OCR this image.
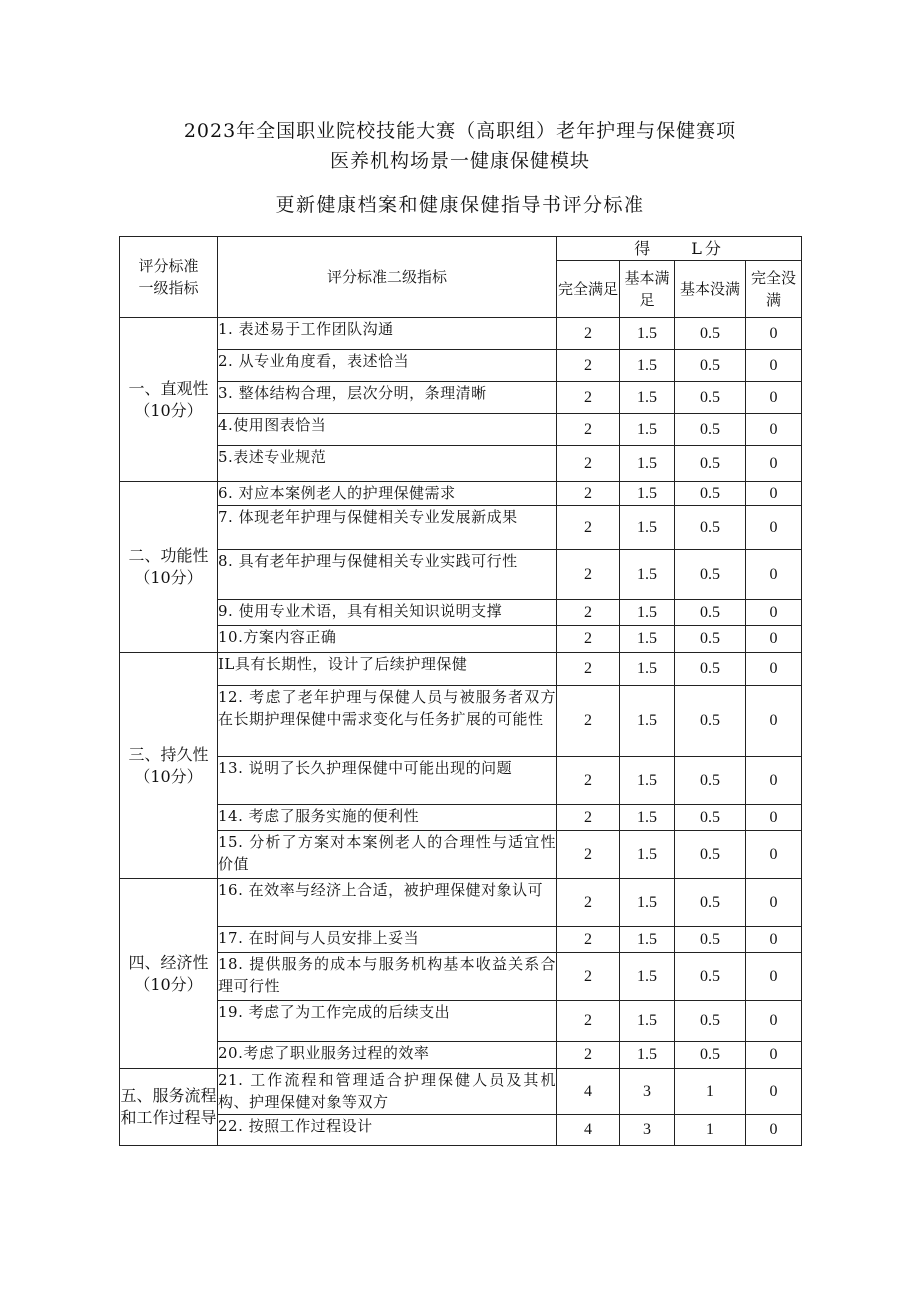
2023年全国职业院校技能大赛（高职组）老年护理与保健赛项
医养机构场景一健康保健模块
更新健康档案和健康保健指导书评分标准
评分标准
一级指标	评分标准二级指标	得 L分			
		完全满足	基本满足	基本没满	完全没满
一、直观性
（10分）	1. 表述易于工作团队沟通	2	1.5	0.5	0
	2. 从专业角度看，表述恰当	2	1.5	0.5	0
	3. 整体结构合理，层次分明，条理清晰	2	1.5	0.5	0
	4.使用图表恰当	2	1.5	0.5	0
	5.表述专业规范	2	1.5	0.5	0
二、功能性
（10分）	6. 对应本案例老人的护理保健需求	2	1.5	0.5	0
	7. 体现老年护理与保健相关专业发展新成果	2	1.5	0.5	0
	8. 具有老年护理与保健相关专业实践可行性	2	1.5	0.5	0
	9. 使用专业术语，具有相关知识说明支撑	2	1.5	0.5	0
	10.方案内容正确	2	1.5	0.5	0
三、持久性
（10分）	IL具有长期性，设计了后续护理保健	2	1.5	0.5	0
	12. 考虑了老年护理与保健人员与被服务者双方在长期护理保健中需求变化与任务扩展的可能性	2	1.5	0.5	0
	13. 说明了长久护理保健中可能出现的问题	2	1.5	0.5	0
	14. 考虑了服务实施的便利性	2	1.5	0.5	0
	15. 分析了方案对本案例老人的合理性与适宜性价值	2	1.5	0.5	0
四、经济性
（10分）	16. 在效率与经济上合适，被护理保健对象认可	2	1.5	0.5	0
	17. 在时间与人员安排上妥当	2	1.5	0.5	0
	18. 提供服务的成本与服务机构基本收益关系合理可行性	2	1.5	0.5	0
	19. 考虑了为工作完成的后续支出	2	1.5	0.5	0
	20.考虑了职业服务过程的效率	2	1.5	0.5	0
五、服务流程和工作过程导	21. 工作流程和管理适合护理保健人员及其机构、护理保健对象等双方	4	3	1	0
	22. 按照工作过程设计	4	3	1	0
